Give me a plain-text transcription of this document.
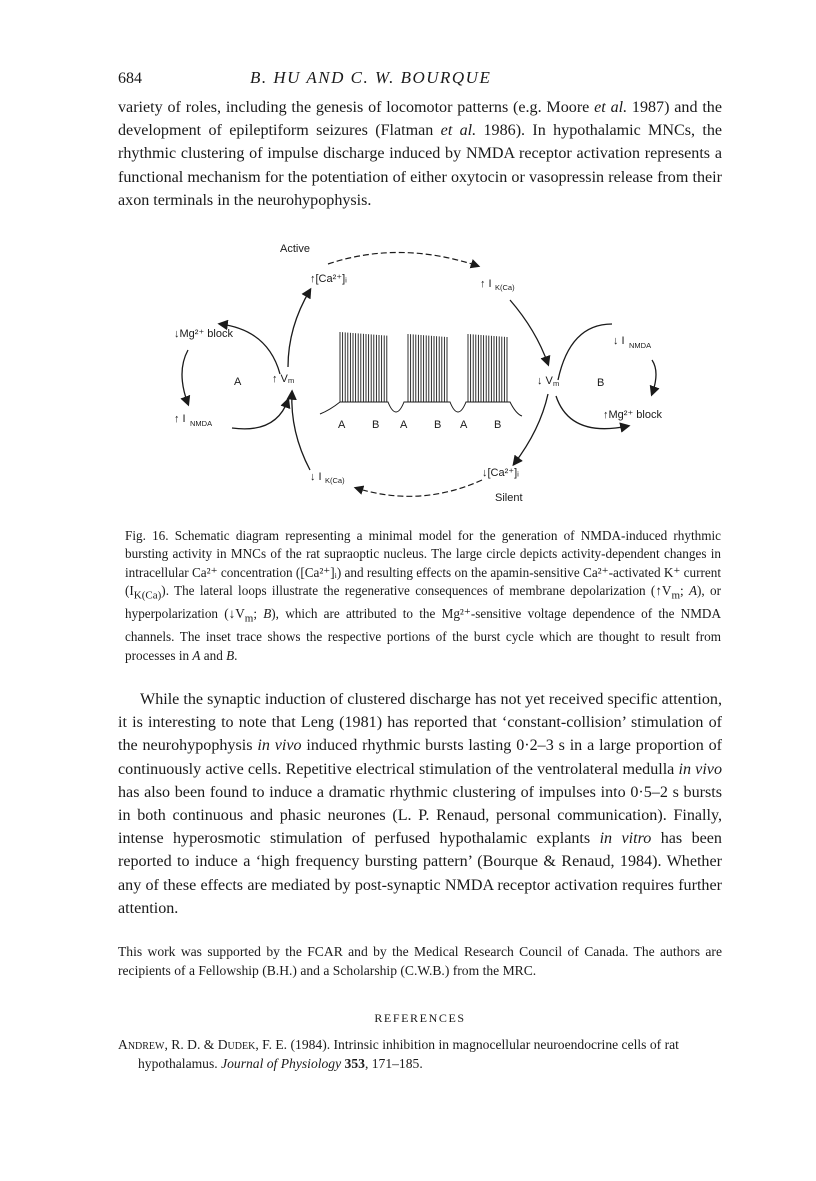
684	B. HU AND C. W. BOURQUE

variety of roles, including the genesis of locomotor patterns (e.g. Moore et al. 1987) and the development of epileptiform seizures (Flatman et al. 1986). In hypothalamic MNCs, the rhythmic clustering of impulse discharge induced by NMDA receptor activation represents a functional mechanism for the potentiation of either oxytocin or vasopressin release from their axon terminals in the neurohypophysis.

Active
Silent
↑[Ca²⁺]ᵢ	↑ I K(Ca)
↓Mg²⁺ block
A	↑ V m
↑ I NMDA
↓ I K(Ca)
↓[Ca²⁺]ᵢ
↓ I NMDA
↓ V m	B
↑Mg²⁺ block
A B A B A B

Fig. 16. Schematic diagram representing a minimal model for the generation of NMDA-induced rhythmic bursting activity in MNCs of the rat supraoptic nucleus. The large circle depicts activity-dependent changes in intracellular Ca²⁺ concentration ([Ca²⁺]ᵢ) and resulting effects on the apamin-sensitive Ca²⁺-activated K⁺ current $(I_{K(Ca)})$. The lateral loops illustrate the regenerative consequences of membrane depolarization ($↑V_m$; A), or hyperpolarization ($↓V_m$; B), which are attributed to the Mg²⁺-sensitive voltage dependence of the NMDA channels. The inset trace shows the respective portions of the burst cycle which are thought to result from processes in A and B.

While the synaptic induction of clustered discharge has not yet received specific attention, it is interesting to note that Leng (1981) has reported that ‘constant-collision’ stimulation of the neurohypophysis in vivo induced rhythmic bursts lasting 0·2–3 s in a large proportion of continuously active cells. Repetitive electrical stimulation of the ventrolateral medulla in vivo has also been found to induce a dramatic rhythmic clustering of impulses into 0·5–2 s bursts in both continuous and phasic neurones (L. P. Renaud, personal communication). Finally, intense hyperosmotic stimulation of perfused hypothalamic explants in vitro has been reported to induce a ‘high frequency bursting pattern’ (Bourque & Renaud, 1984). Whether any of these effects are mediated by post-synaptic NMDA receptor activation requires further attention.

This work was supported by the FCAR and by the Medical Research Council of Canada. The authors are recipients of a Fellowship (B.H.) and a Scholarship (C.W.B.) from the MRC.

REFERENCES

Andrew, R. D. & Dudek, F. E. (1984). Intrinsic inhibition in magnocellular neuroendocrine cells of rat hypothalamus. Journal of Physiology 353, 171–185.
